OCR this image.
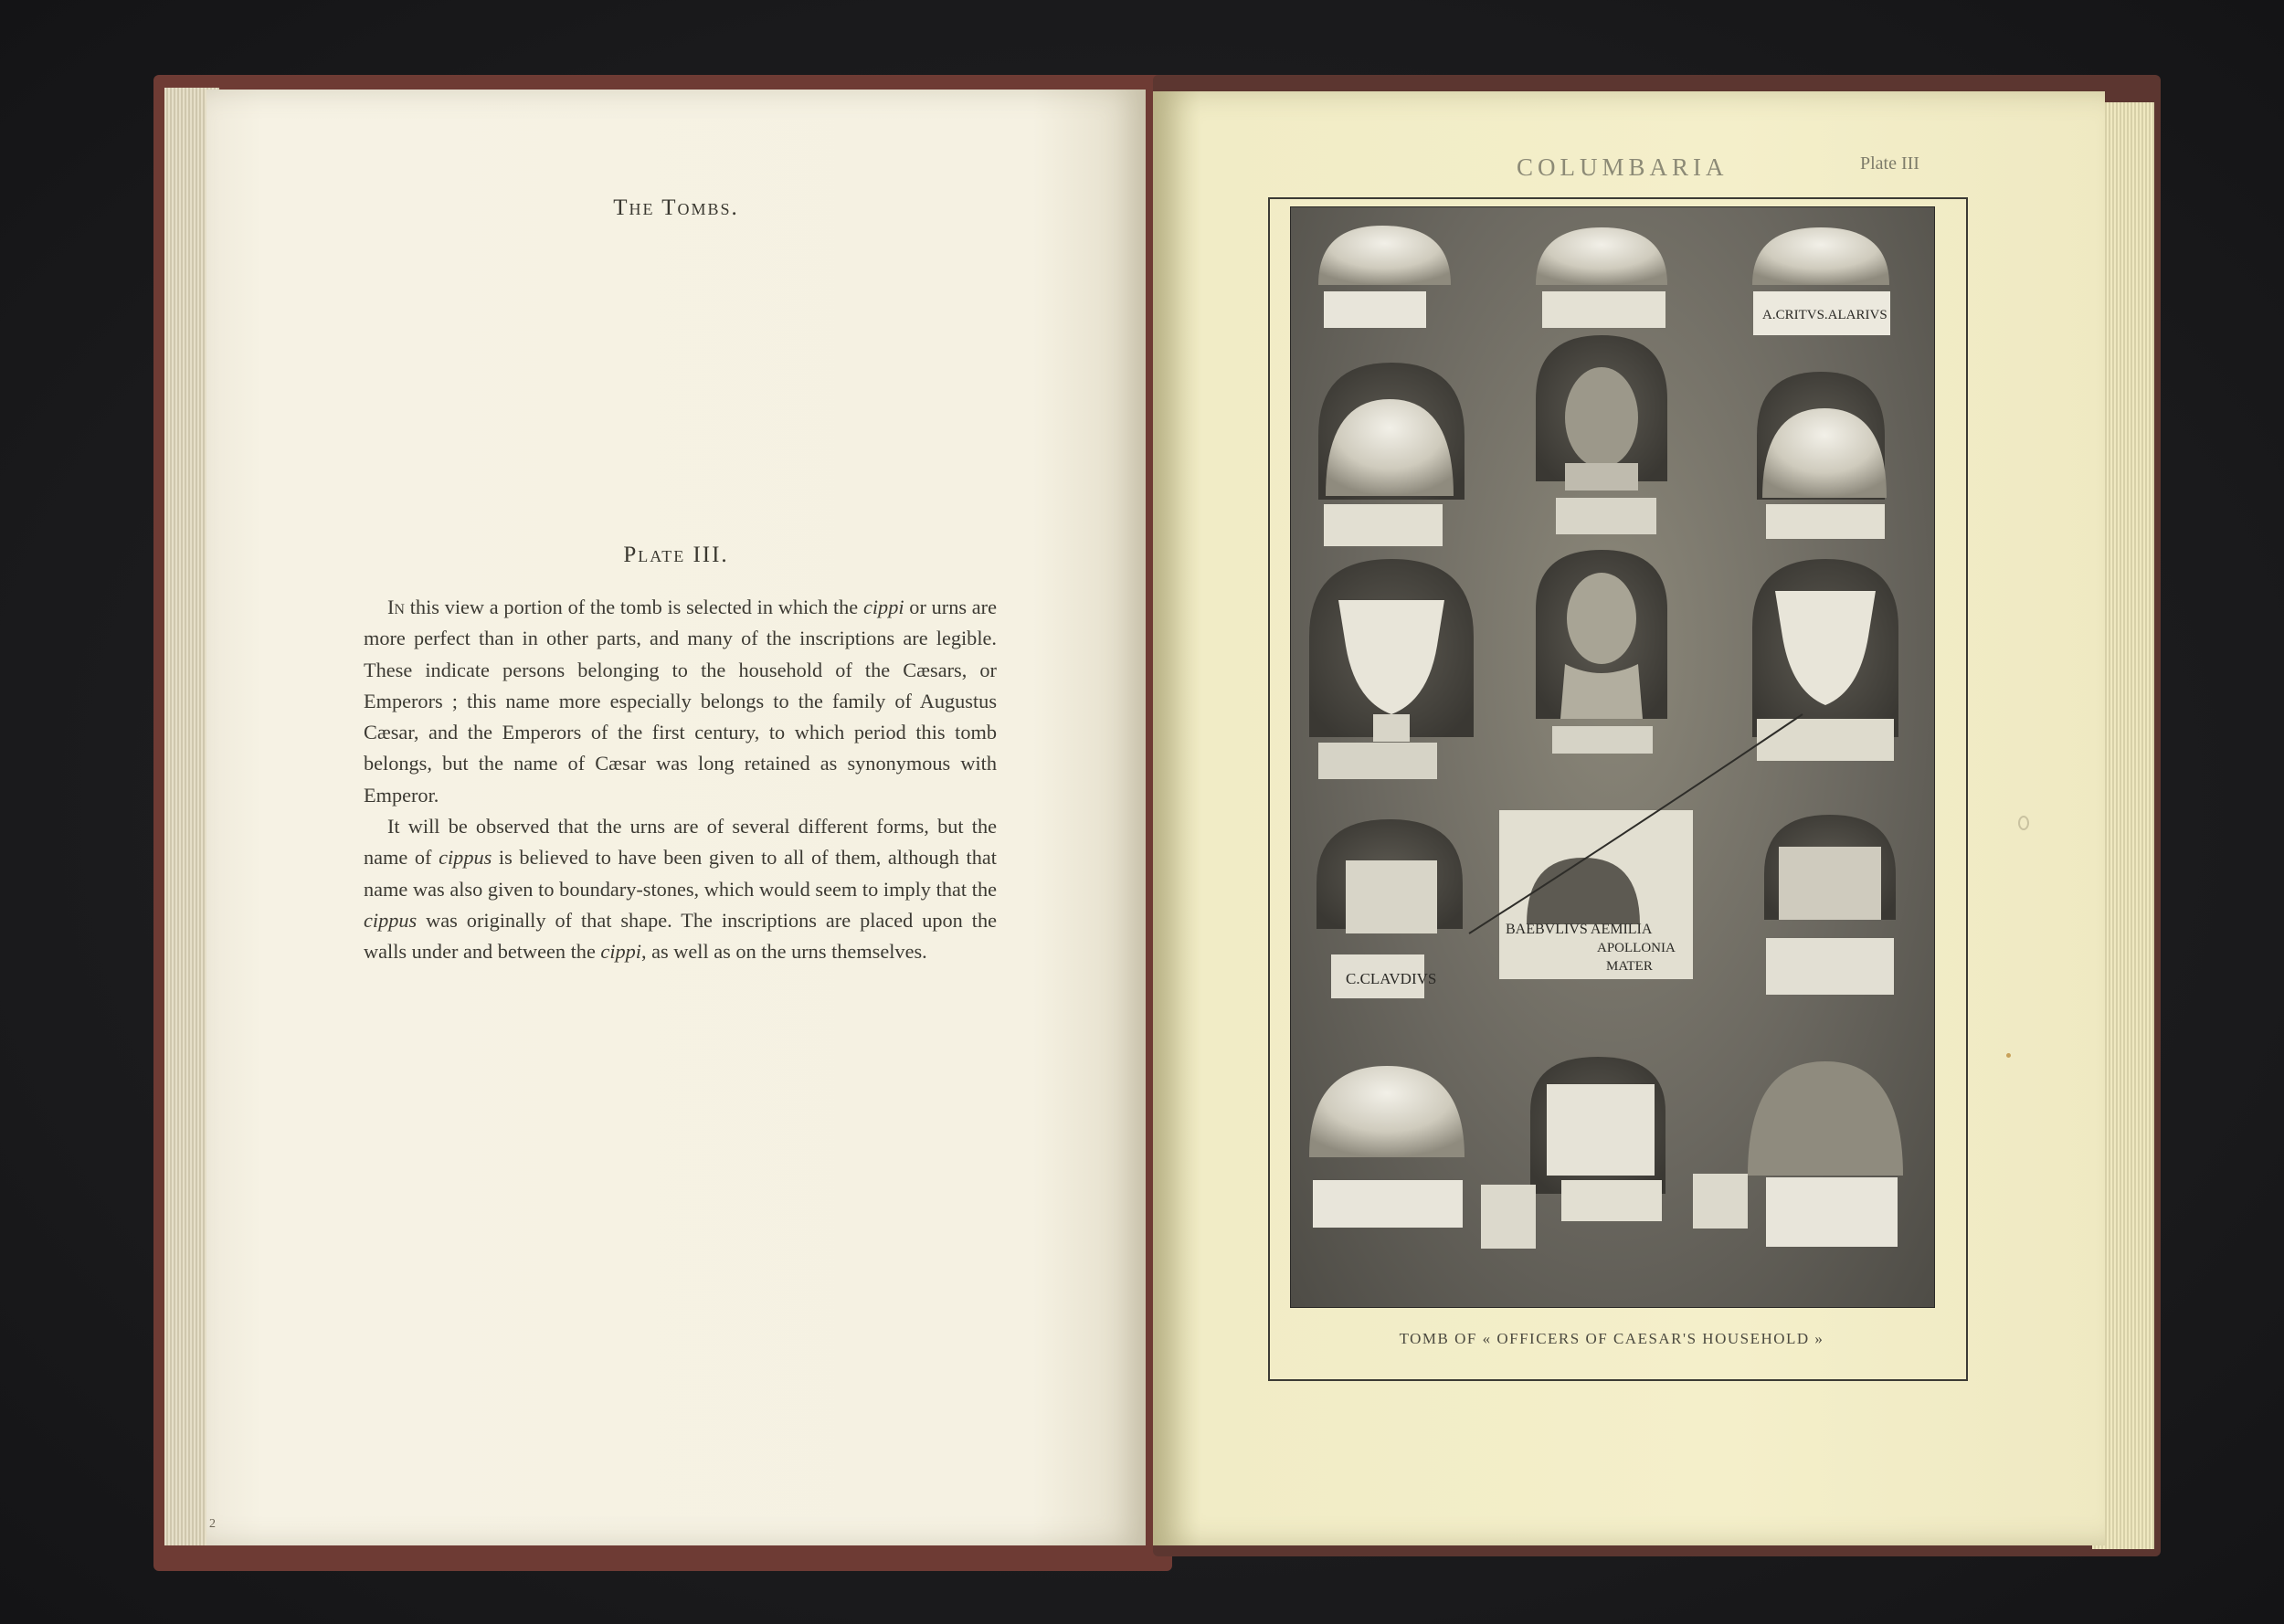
The Tombs.
Plate III.

In this view a portion of the tomb is selected in which the cippi or urns are more perfect than in other parts, and many of the inscriptions are legible. These indicate persons belonging to the household of the Cæsars, or Emperors ; this name more especially belongs to the family of Augustus Cæsar, and the Emperors of the first century, to which period this tomb belongs, but the name of Cæsar was long retained as synonymous with Emperor.

It will be observed that the urns are of several different forms, but the name of cippus is believed to have been given to all of them, although that name was also given to boundary-stones, which would seem to imply that the cippus was originally of that shape. The inscriptions are placed upon the walls under and between the cippi, as well as on the urns themselves.

2
COLUMBARIA	Plate III
C.CLAVDIVS
BAEBVLIVS AEMILIA
APOLLONIA
MATER
A.CRITVS.ALARIVS
TOMB OF « OFFICERS OF CAESAR'S HOUSEHOLD »
